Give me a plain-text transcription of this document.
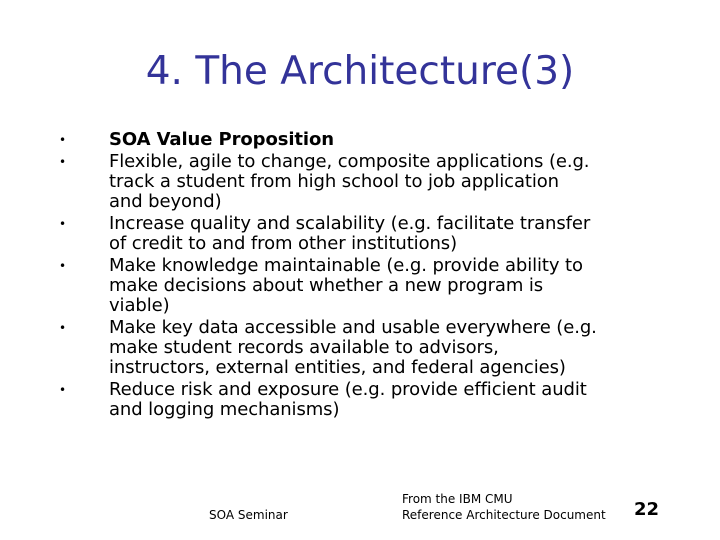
4. The Architecture(3)
• SOA Value Proposition
• Flexible, agile to change, composite applications (e.g.
track a student from high school to job application
and beyond)
• Increase quality and scalability (e.g. facilitate transfer
of credit to and from other institutions)
• Make knowledge maintainable (e.g. provide ability to
make decisions about whether a new program is
viable)
• Make key data accessible and usable everywhere (e.g.
make student records available to advisors,
instructors, external entities, and federal agencies)
• Reduce risk and exposure (e.g. provide efficient audit
and logging mechanisms)
SOA Seminar
From the IBM CMU
Reference Architecture Document 22
